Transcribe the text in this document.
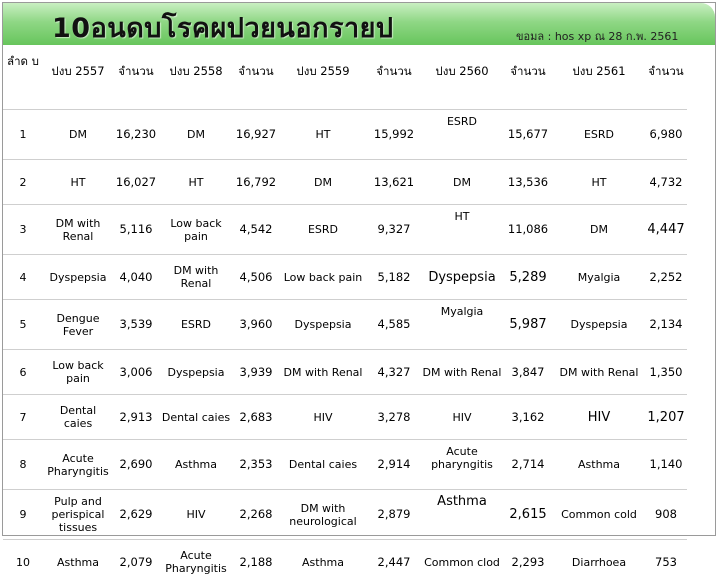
10อนดบโรคผปวยนอกรายป	ขอมล : hos xp ณ 28 ก.พ. 2561
ลำด บ	ปงบ 2557	จำนวน	ปงบ 2558	จำนวน	ปงบ 2559	จำนวน	ปงบ 2560	จำนวน	ปงบ 2561	จำนวน
1	DM	16,230	DM	16,927	HT	15,992	ESRD	15,677	ESRD	6,980
2	HT	16,027	HT	16,792	DM	13,621	DM	13,536	HT	4,732
3	DM with Renal	5,116	Low back pain	4,542	ESRD	9,327	HT	11,086	DM	4,447
4	Dyspepsia	4,040	DM with Renal	4,506	Low back pain	5,182	Dyspepsia	5,289	Myalgia	2,252
5	Dengue Fever	3,539	ESRD	3,960	Dyspepsia	4,585	Myalgia	5,987	Dyspepsia	2,134
6	Low back pain	3,006	Dyspepsia	3,939	DM with Renal	4,327	DM with Renal	3,847	DM with Renal	1,350
7	Dental caies	2,913	Dental caies	2,683	HIV	3,278	HIV	3,162	HIV	1,207
8	Acute Pharyngitis	2,690	Asthma	2,353	Dental caies	2,914	Acute pharyngitis	2,714	Asthma	1,140
9	Pulp and perispical tissues	2,629	HIV	2,268	DM with neurological	2,879	Asthma	2,615	Common cold	908
10	Asthma	2,079	Acute Pharyngitis	2,188	Asthma	2,447	Common clod	2,293	Diarrhoea	753
